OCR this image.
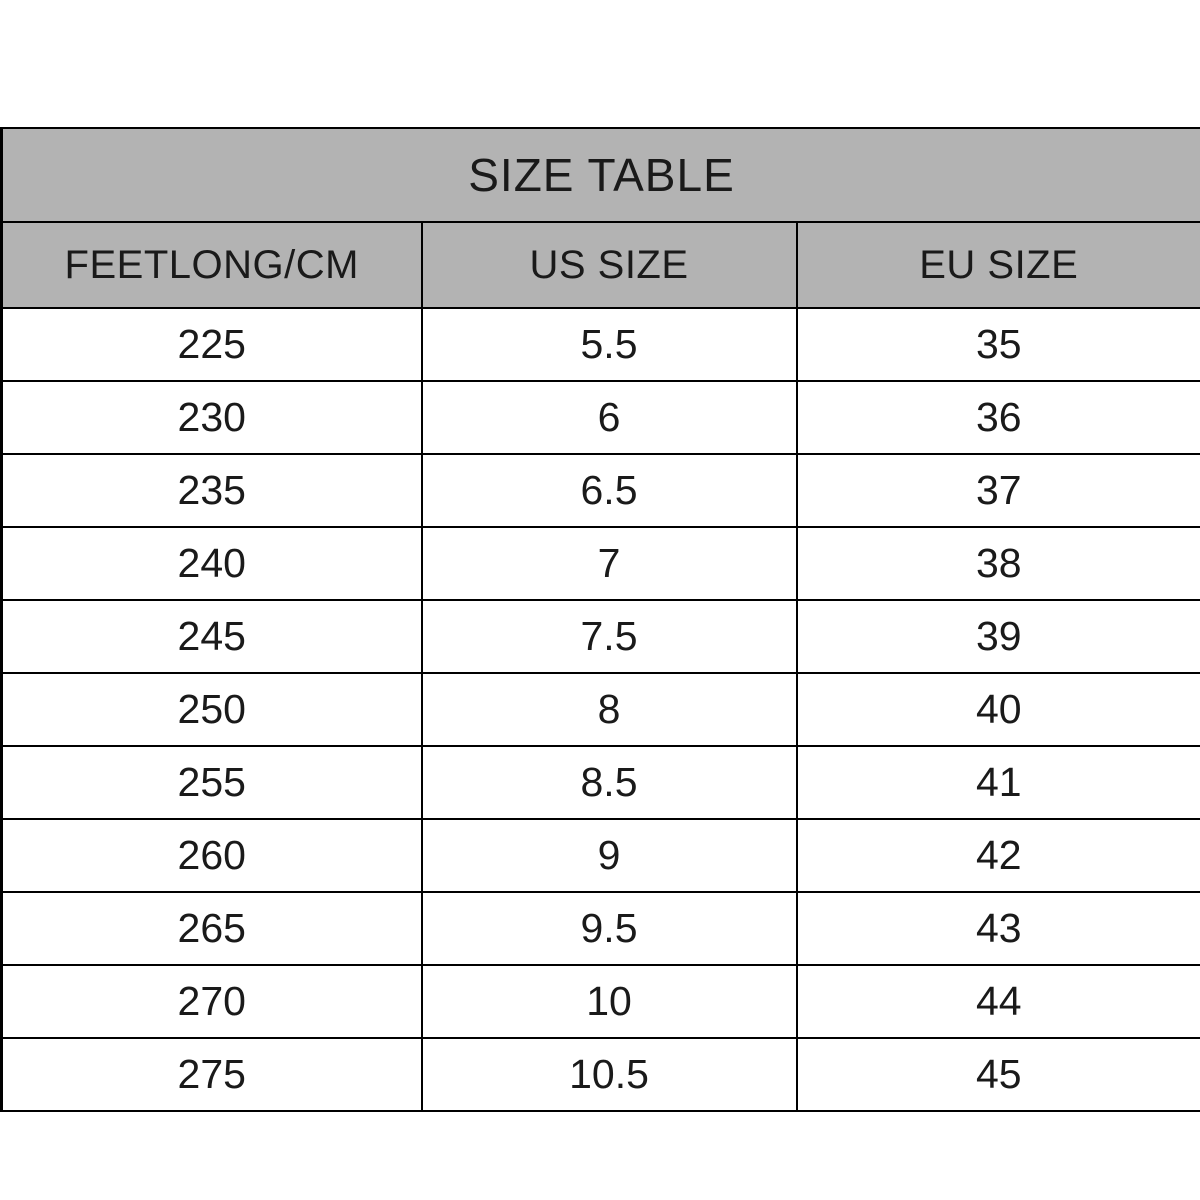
SIZE TABLE		
FEETLONG/CM	US SIZE	EU SIZE
225	5.5	35
230	6	36
235	6.5	37
240	7	38
245	7.5	39
250	8	40
255	8.5	41
260	9	42
265	9.5	43
270	10	44
275	10.5	45
